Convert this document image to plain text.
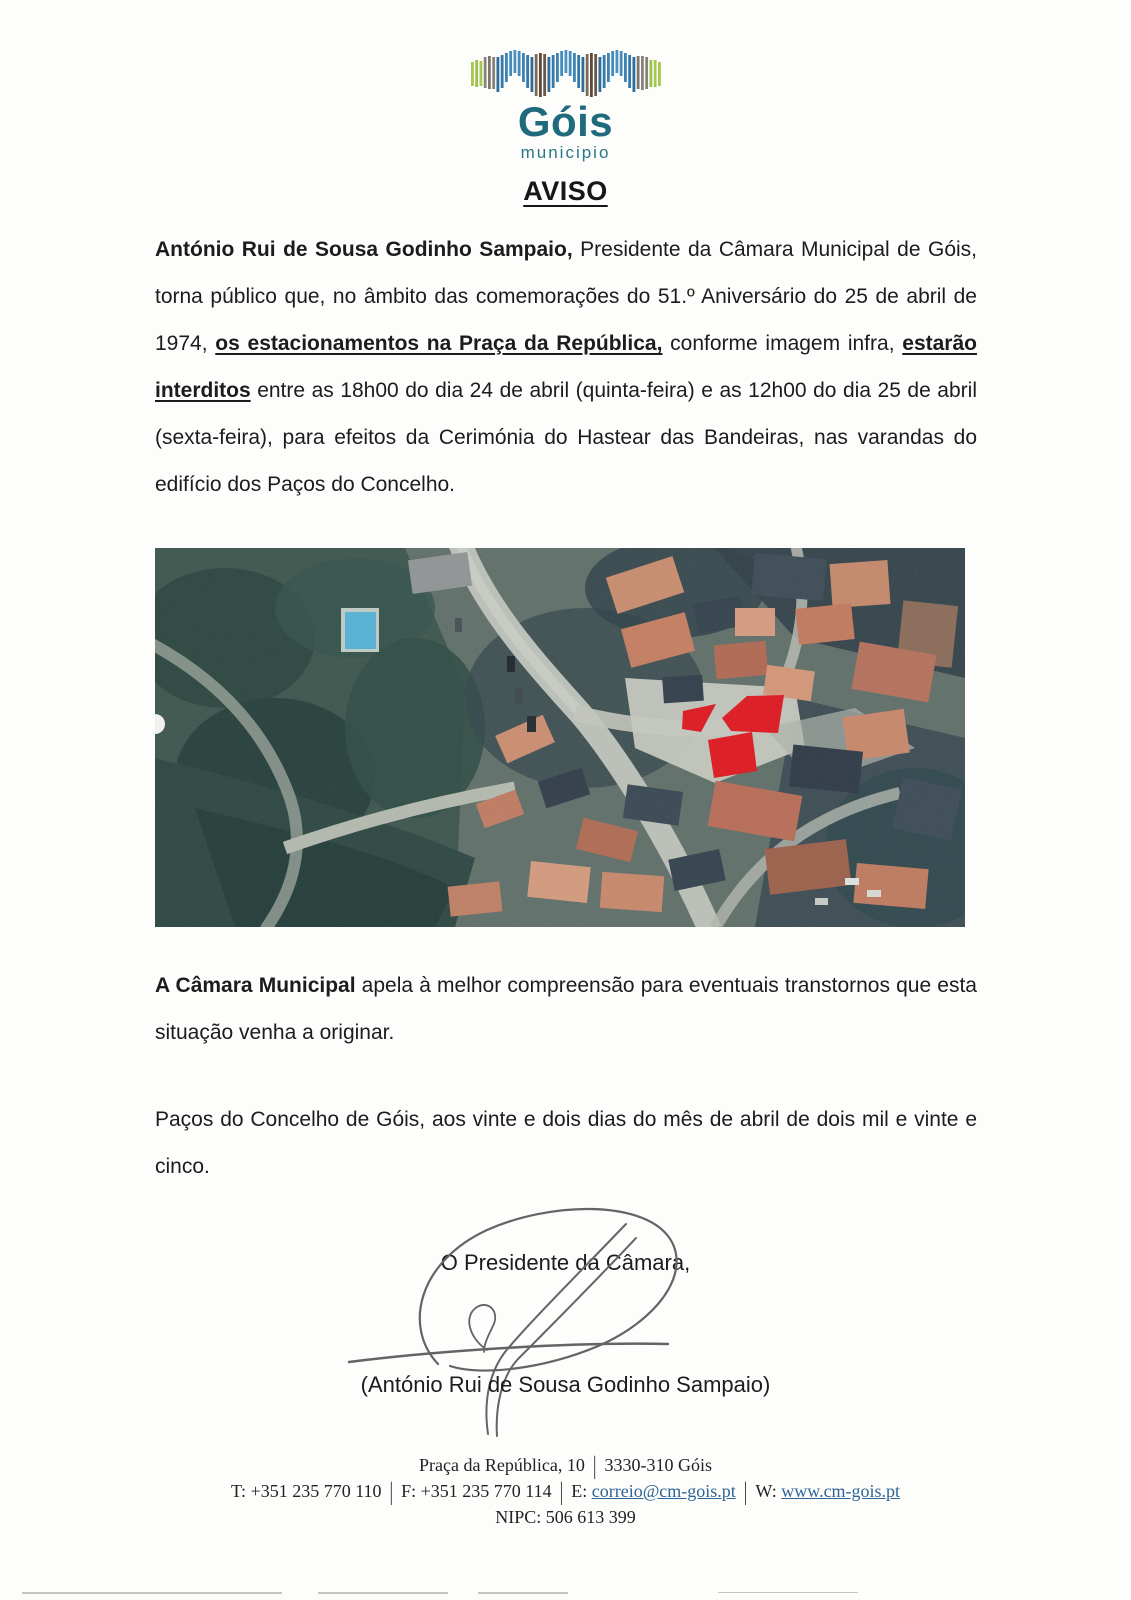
Góis
municipio
AVISO

António Rui de Sousa Godinho Sampaio, Presidente da Câmara Municipal de Góis, torna público que, no âmbito das comemorações do 51.º Aniversário do 25 de abril de 1974, os estacionamentos na Praça da República, conforme imagem infra, estarão interditos entre as 18h00 do dia 24 de abril (quinta-feira) e as 12h00 do dia 25 de abril (sexta-feira), para efeitos da Cerimónia do Hastear das Bandeiras, nas varandas do edifício dos Paços do Concelho.

A Câmara Municipal apela à melhor compreensão para eventuais transtornos que esta situação venha a originar.

Paços do Concelho de Góis, aos vinte e dois dias do mês de abril de dois mil e vinte e cinco.

O Presidente da Câmara,
(António Rui de Sousa Godinho Sampaio)
Praça da República, 10 | 3330-310 Góis
T: +351 235 770 110 | F: +351 235 770 114 | E: correio@cm-gois.pt | W: www.cm-gois.pt
NIPC: 506 613 399
